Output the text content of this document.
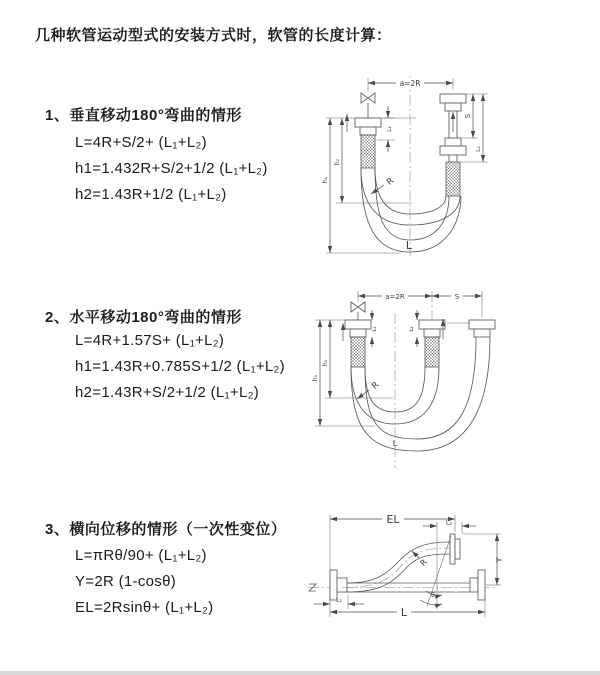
几种软管运动型式的安装方式时，软管的长度计算：
1、垂直移动180°弯曲的情形
L=4R+S/2+ (L₁+L₂)
h1=1.432R+S/2+1/2 (L₁+L₂)
h2=1.43R+1/2 (L₁+L₂)
2、水平移动180°弯曲的情形
L=4R+1.57S+ (L₁+L₂)
h1=1.43R+0.785S+1/2 (L₁+L₂)
h2=1.43R+S/2+1/2 (L₁+L₂)
3、横向位移的情形（一次性变位）
L=πRθ/90+ (L₁+L₂)
Y=2R (1-cosθ)
EL=2Rsinθ+ (L₁+L₂)
a=2R
L₁
S
L₂
h₁
h₂
R
L
a=2R	S
L₁	L₂
h₁
h₂
R
L
EL	L₂
Y
θ
R
L
L₁
